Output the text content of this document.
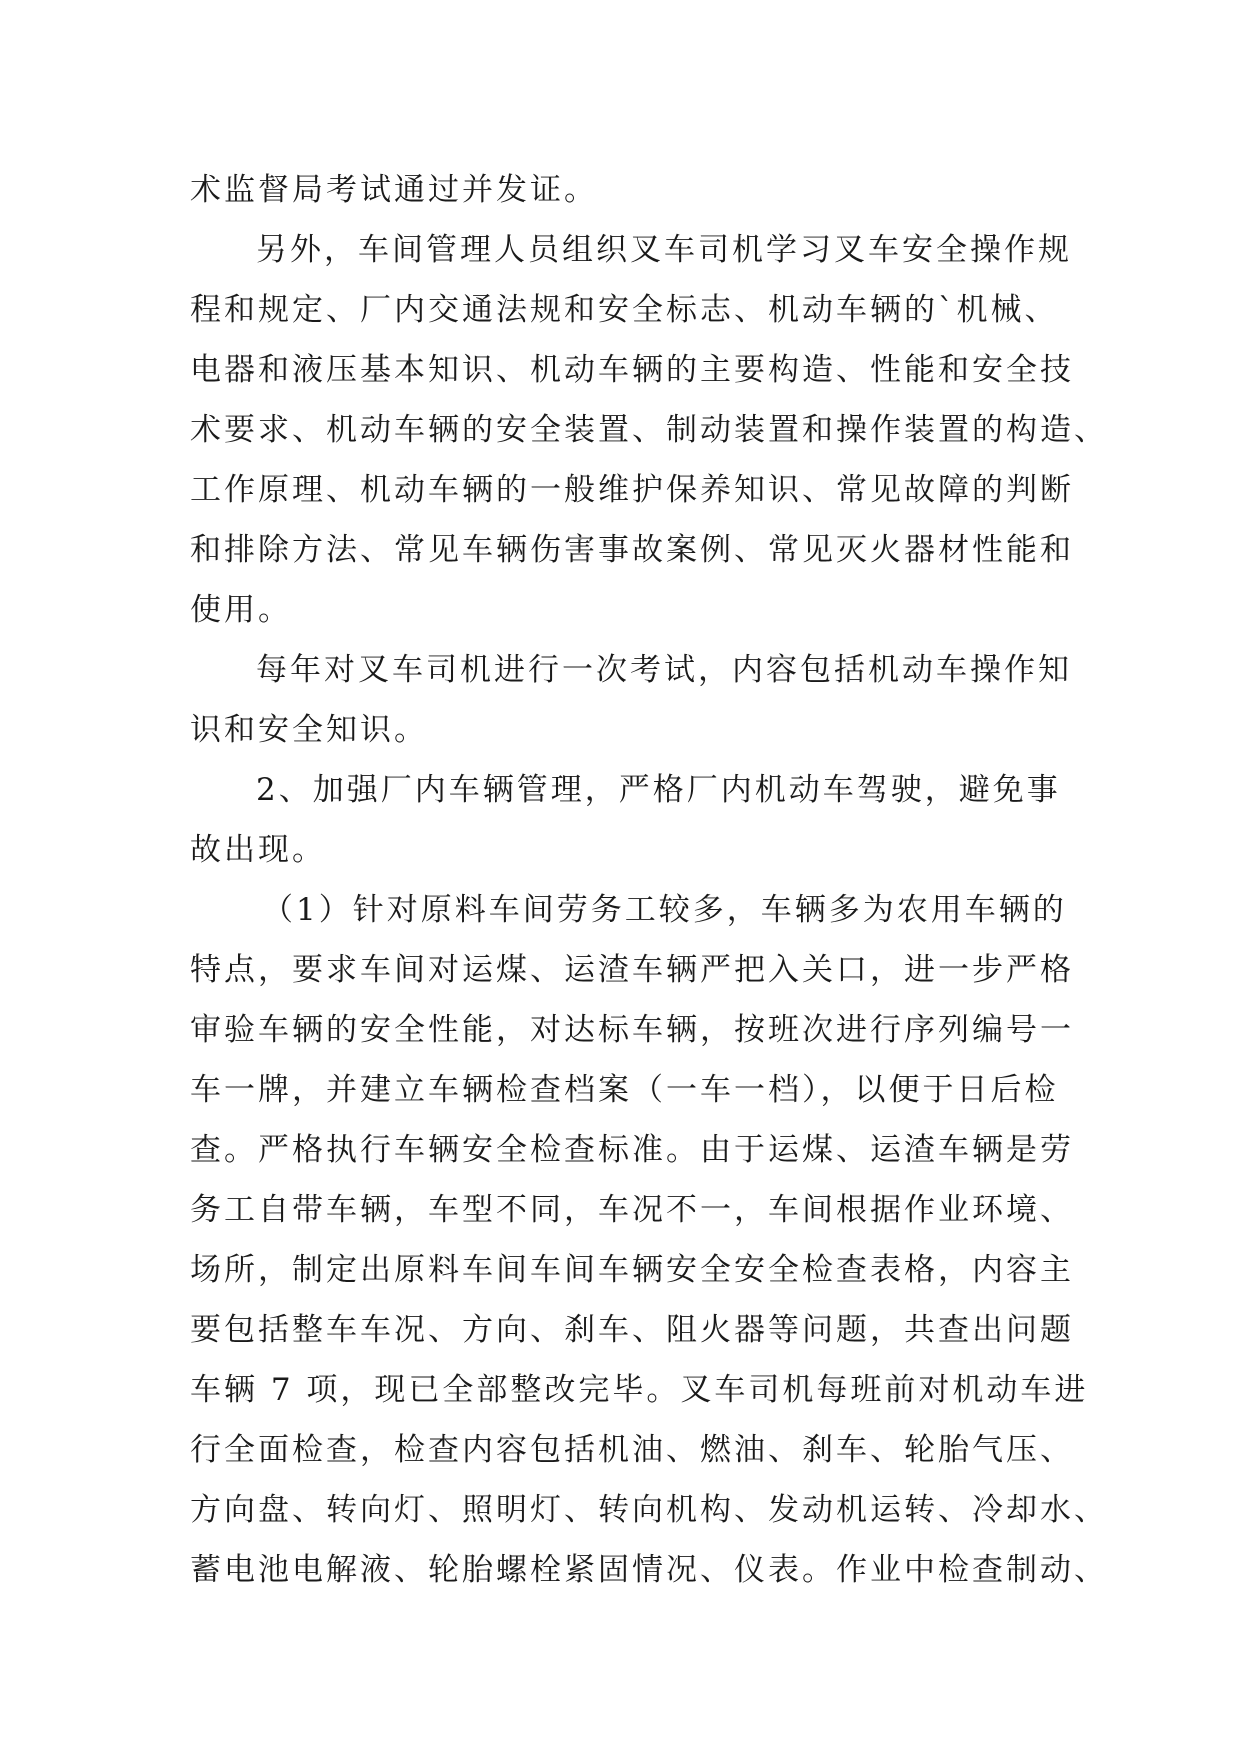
术监督局考试通过并发证。
另外，车间管理人员组织叉车司机学习叉车安全操作规
程和规定、厂内交通法规和安全标志、机动车辆的`机械、
电器和液压基本知识、机动车辆的主要构造、性能和安全技
术要求、机动车辆的安全装置、制动装置和操作装置的构造、
工作原理、机动车辆的一般维护保养知识、常见故障的判断
和排除方法、常见车辆伤害事故案例、常见灭火器材性能和
使用。
每年对叉车司机进行一次考试，内容包括机动车操作知
识和安全知识。
2、加强厂内车辆管理，严格厂内机动车驾驶，避免事
故出现。
（1）针对原料车间劳务工较多，车辆多为农用车辆的
特点，要求车间对运煤、运渣车辆严把入关口，进一步严格
审验车辆的安全性能，对达标车辆，按班次进行序列编号一
车一牌，并建立车辆检查档案（一车一档），以便于日后检
查。严格执行车辆安全检查标准。由于运煤、运渣车辆是劳
务工自带车辆，车型不同，车况不一，车间根据作业环境、
场所，制定出原料车间车间车辆安全安全检查表格，内容主
要包括整车车况、方向、刹车、阻火器等问题，共查出问题
车辆 7 项，现已全部整改完毕。叉车司机每班前对机动车进
行全面检查，检查内容包括机油、燃油、刹车、轮胎气压、
方向盘、转向灯、照明灯、转向机构、发动机运转、冷却水、
蓄电池电解液、轮胎螺栓紧固情况、仪表。作业中检查制动、
